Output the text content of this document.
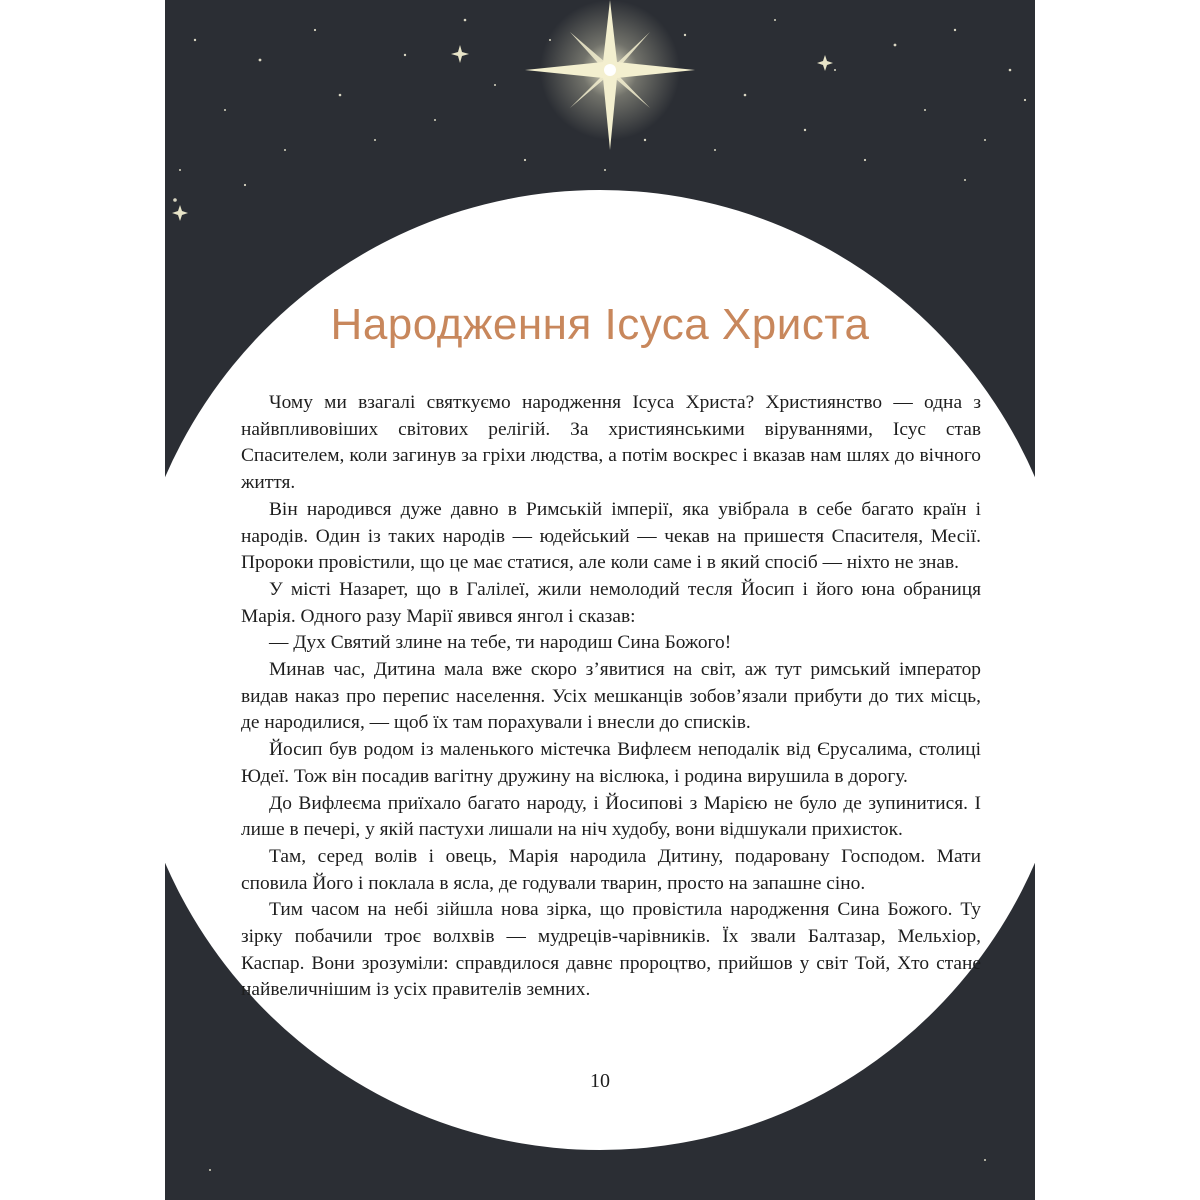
Народження Ісуса Христа

Чому ми взагалі святкуємо народження Ісуса Христа? Християнство — одна з найвпливовіших світових релігій. За християнськими віруваннями, Ісус став Спасителем, коли загинув за гріхи людства, а потім воскрес і вказав нам шлях до вічного життя.

Він народився дуже давно в Римській імперії, яка увібрала в себе багато країн і народів. Один із таких народів — юдейський — чекав на пришестя Спасителя, Месії. Пророки провістили, що це має статися, але коли саме і в який спосіб — ніхто не знав.

У місті Назарет, що в Галілеї, жили немолодий тесля Йосип і його юна обраниця Марія. Одного разу Марії явився янгол і сказав:

— Дух Святий злине на тебе, ти народиш Сина Божого!

Минав час, Дитина мала вже скоро з’явитися на світ, аж тут римський імператор видав наказ про перепис населення. Усіх мешканців зобов’язали прибути до тих місць, де народилися, — щоб їх там порахували і внесли до списків.

Йосип був родом із маленького містечка Вифлеєм неподалік від Єрусалима, столиці Юдеї. Тож він посадив вагітну дружину на віслюка, і родина вирушила в дорогу.

До Вифлеєма приїхало багато народу, і Йосипові з Марією не було де зупинитися. І лише в печері, у якій пастухи лишали на ніч худобу, вони відшукали прихисток.

Там, серед волів і овець, Марія народила Дитину, подаровану Господом. Мати сповила Його і поклала в ясла, де годували тварин, просто на запашне сіно.

Тим часом на небі зійшла нова зірка, що провістила народження Сина Божого. Ту зірку побачили троє волхвів — мудреців-чарівників. Їх звали Балтазар, Мельхіор, Каспар. Вони зрозуміли: справдилося давнє пророцтво, прийшов у світ Той, Хто стане найвеличнішим із усіх правителів земних.

10
